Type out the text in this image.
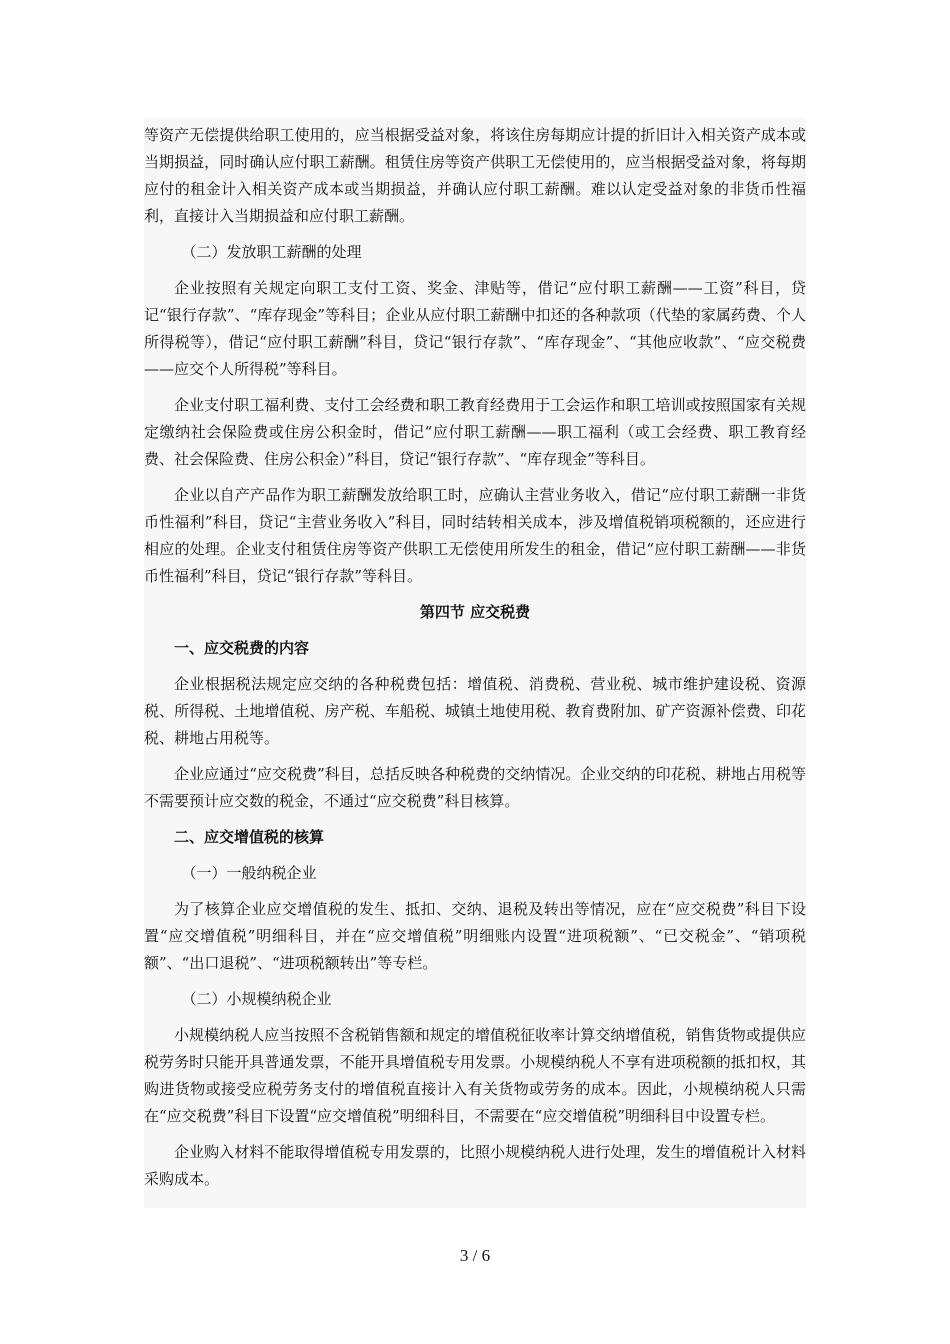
等资产无偿提供给职工使用的，应当根据受益对象，将该住房每期应计提的折旧计入相关资产成本或当期损益，同时确认应付职工薪酬。租赁住房等资产供职工无偿使用的，应当根据受益对象，将每期应付的租金计入相关资产成本或当期损益，并确认应付职工薪酬。难以认定受益对象的非货币性福利，直接计入当期损益和应付职工薪酬。

（二）发放职工薪酬的处理

企业按照有关规定向职工支付工资、奖金、津贴等，借记“应付职工薪酬——工资”科目，贷记“银行存款”、“库存现金”等科目；企业从应付职工薪酬中扣还的各种款项（代垫的家属药费、个人所得税等），借记“应付职工薪酬”科目，贷记“银行存款”、“库存现金”、“其他应收款”、“应交税费——应交个人所得税”等科目。

企业支付职工福利费、支付工会经费和职工教育经费用于工会运作和职工培训或按照国家有关规定缴纳社会保险费或住房公积金时，借记“应付职工薪酬——职工福利（或工会经费、职工教育经费、社会保险费、住房公积金）”科目，贷记“银行存款”、“库存现金”等科目。

企业以自产产品作为职工薪酬发放给职工时，应确认主营业务收入，借记“应付职工薪酬一非货币性福利”科目，贷记“主营业务收入”科目，同时结转相关成本，涉及增值税销项税额的，还应进行相应的处理。企业支付租赁住房等资产供职工无偿使用所发生的租金，借记“应付职工薪酬——非货币性福利”科目，贷记“银行存款”等科目。

第四节 应交税费

一、应交税费的内容

企业根据税法规定应交纳的各种税费包括：增值税、消费税、营业税、城市维护建设税、资源税、所得税、土地增值税、房产税、车船税、城镇土地使用税、教育费附加、矿产资源补偿费、印花税、耕地占用税等。

企业应通过“应交税费”科目，总括反映各种税费的交纳情况。企业交纳的印花税、耕地占用税等不需要预计应交数的税金，不通过“应交税费”科目核算。

二、应交增值税的核算

（一）一般纳税企业

为了核算企业应交增值税的发生、抵扣、交纳、退税及转出等情况，应在“应交税费”科目下设置“应交增值税”明细科目，并在“应交增值税”明细账内设置“进项税额”、“已交税金”、“销项税额”、“出口退税”、“进项税额转出”等专栏。

（二）小规模纳税企业

小规模纳税人应当按照不含税销售额和规定的增值税征收率计算交纳增值税，销售货物或提供应税劳务时只能开具普通发票，不能开具增值税专用发票。小规模纳税人不享有进项税额的抵扣权，其购进货物或接受应税劳务支付的增值税直接计入有关货物或劳务的成本。因此，小规模纳税人只需在“应交税费”科目下设置“应交增值税”明细科目，不需要在“应交增值税”明细科目中设置专栏。

企业购入材料不能取得增值税专用发票的，比照小规模纳税人进行处理，发生的增值税计入材料采购成本。

3 / 6
